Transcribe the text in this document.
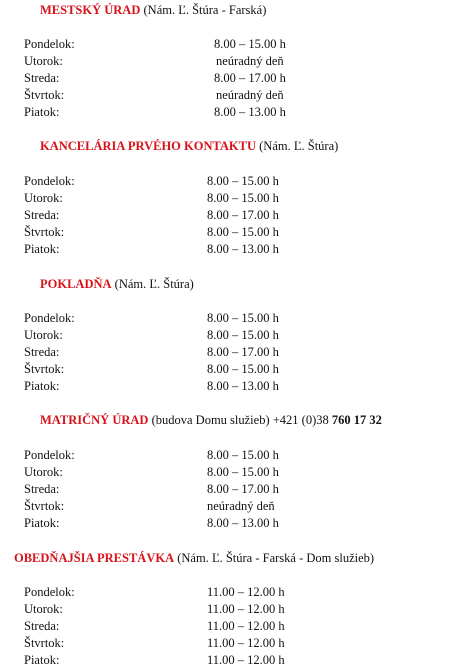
MESTSKÝ ÚRAD (Nám. Ľ. Štúra - Farská)
Pondelok:	8.00 – 15.00 h
Utorok:	neúradný deň
Streda:	8.00 – 17.00 h
Štvrtok:	neúradný deň
Piatok:	8.00 – 13.00 h
KANCELÁRIA PRVÉHO KONTAKTU (Nám. Ľ. Štúra)
Pondelok:	8.00 – 15.00 h
Utorok:	8.00 – 15.00 h
Streda:	8.00 – 17.00 h
Štvrtok:	8.00 – 15.00 h
Piatok:	8.00 – 13.00 h
POKLADŇA (Nám. Ľ. Štúra)
Pondelok:	8.00 – 15.00 h
Utorok:	8.00 – 15.00 h
Streda:	8.00 – 17.00 h
Štvrtok:	8.00 – 15.00 h
Piatok:	8.00 – 13.00 h
MATRIČNÝ ÚRAD (budova Domu služieb) +421 (0)38 760 17 32
Pondelok:	8.00 – 15.00 h
Utorok:	8.00 – 15.00 h
Streda:	8.00 – 17.00 h
Štvrtok:	neúradný deň
Piatok:	8.00 – 13.00 h
OBEDŇAJŠIA PRESTÁVKA (Nám. Ľ. Štúra - Farská - Dom služieb)
Pondelok:	11.00 – 12.00 h
Utorok:	11.00 – 12.00 h
Streda:	11.00 – 12.00 h
Štvrtok:	11.00 – 12.00 h
Piatok:	11.00 – 12.00 h
